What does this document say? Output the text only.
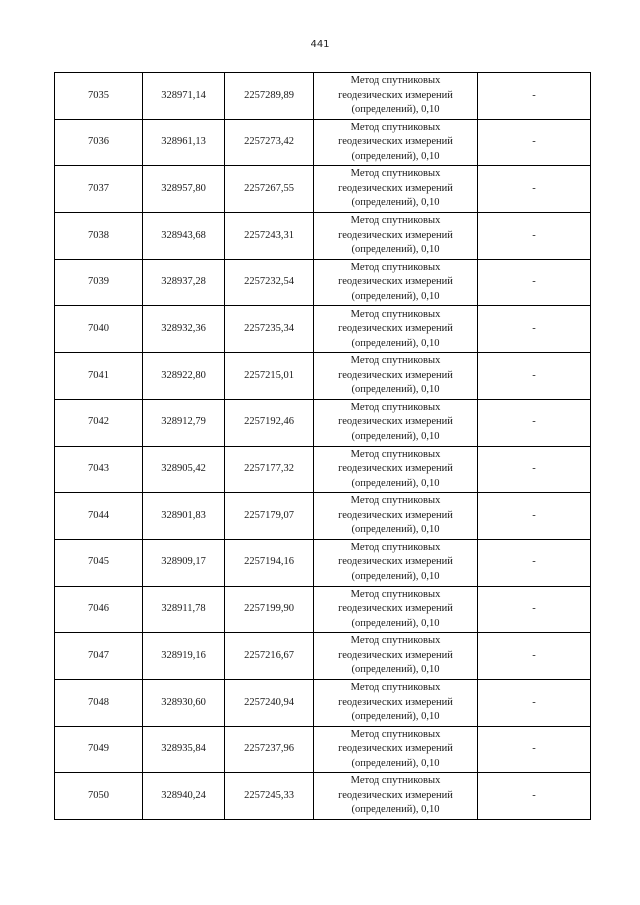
441
7035	328971,14	2257289,89	Метод спутниковых
геодезических измерений
(определений), 0,10	-
7036	328961,13	2257273,42	Метод спутниковых
геодезических измерений
(определений), 0,10	-
7037	328957,80	2257267,55	Метод спутниковых
геодезических измерений
(определений), 0,10	-
7038	328943,68	2257243,31	Метод спутниковых
геодезических измерений
(определений), 0,10	-
7039	328937,28	2257232,54	Метод спутниковых
геодезических измерений
(определений), 0,10	-
7040	328932,36	2257235,34	Метод спутниковых
геодезических измерений
(определений), 0,10	-
7041	328922,80	2257215,01	Метод спутниковых
геодезических измерений
(определений), 0,10	-
7042	328912,79	2257192,46	Метод спутниковых
геодезических измерений
(определений), 0,10	-
7043	328905,42	2257177,32	Метод спутниковых
геодезических измерений
(определений), 0,10	-
7044	328901,83	2257179,07	Метод спутниковых
геодезических измерений
(определений), 0,10	-
7045	328909,17	2257194,16	Метод спутниковых
геодезических измерений
(определений), 0,10	-
7046	328911,78	2257199,90	Метод спутниковых
геодезических измерений
(определений), 0,10	-
7047	328919,16	2257216,67	Метод спутниковых
геодезических измерений
(определений), 0,10	-
7048	328930,60	2257240,94	Метод спутниковых
геодезических измерений
(определений), 0,10	-
7049	328935,84	2257237,96	Метод спутниковых
геодезических измерений
(определений), 0,10	-
7050	328940,24	2257245,33	Метод спутниковых
геодезических измерений
(определений), 0,10	-
